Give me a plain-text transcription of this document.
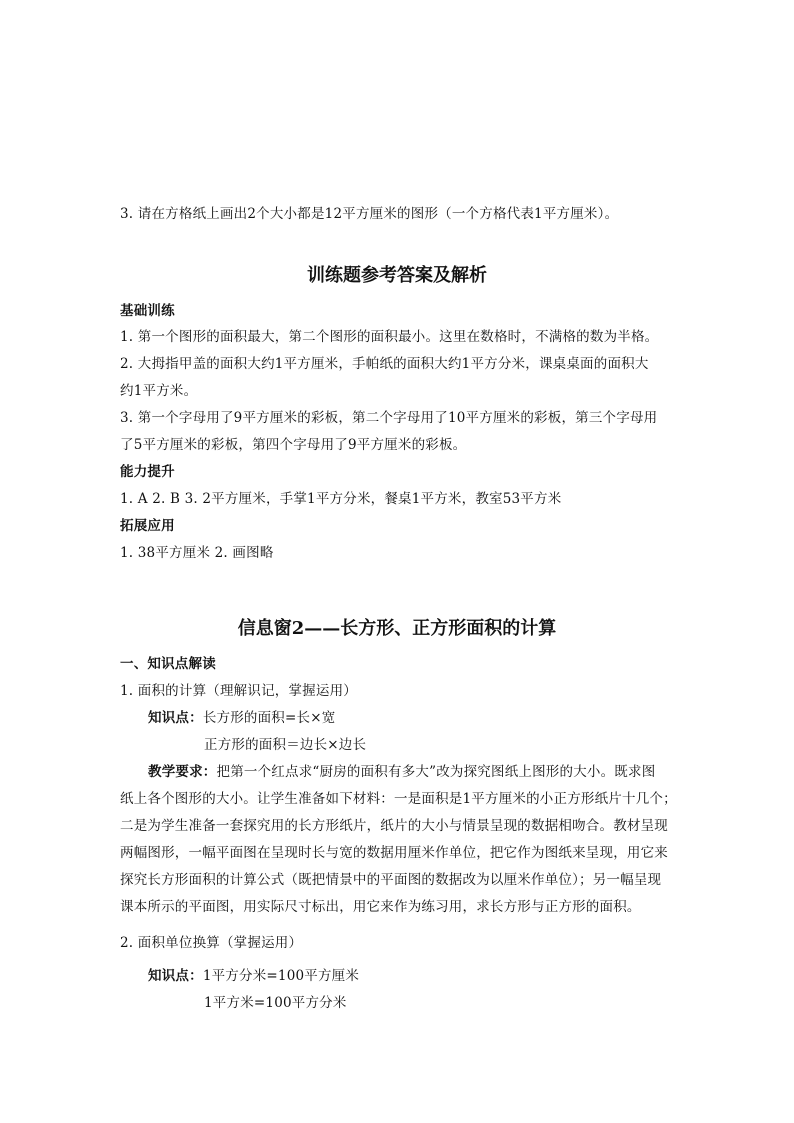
3. 请在方格纸上画出2个大小都是12平方厘米的图形（一个方格代表1平方厘米）。
训练题参考答案及解析
基础训练
1. 第一个图形的面积最大，第二个图形的面积最小。这里在数格时，不满格的数为半格。
2. 大拇指甲盖的面积大约1平方厘米，手帕纸的面积大约1平方分米，课桌桌面的面积大
约1平方米。
3. 第一个字母用了9平方厘米的彩板，第二个字母用了10平方厘米的彩板，第三个字母用
了5平方厘米的彩板，第四个字母用了9平方厘米的彩板。
能力提升
1. A 2. B 3. 2平方厘米，手掌1平方分米，餐桌1平方米，教室53平方米
拓展应用
1. 38平方厘米 2. 画图略
信息窗2——长方形、正方形面积的计算
一、知识点解读
1. 面积的计算（理解识记，掌握运用）
知识点：长方形的面积=长×宽
正方形的面积＝边长×边长
教学要求：把第一个红点求“厨房的面积有多大”改为探究图纸上图形的大小。既求图
纸上各个图形的大小。让学生准备如下材料：一是面积是1平方厘米的小正方形纸片十几个；
二是为学生准备一套探究用的长方形纸片，纸片的大小与情景呈现的数据相吻合。教材呈现
两幅图形，一幅平面图在呈现时长与宽的数据用厘米作单位，把它作为图纸来呈现，用它来
探究长方形面积的计算公式（既把情景中的平面图的数据改为以厘米作单位）；另一幅呈现
课本所示的平面图，用实际尺寸标出，用它来作为练习用，求长方形与正方形的面积。
2. 面积单位换算（掌握运用）
知识点：1平方分米=100平方厘米
1平方米=100平方分米
